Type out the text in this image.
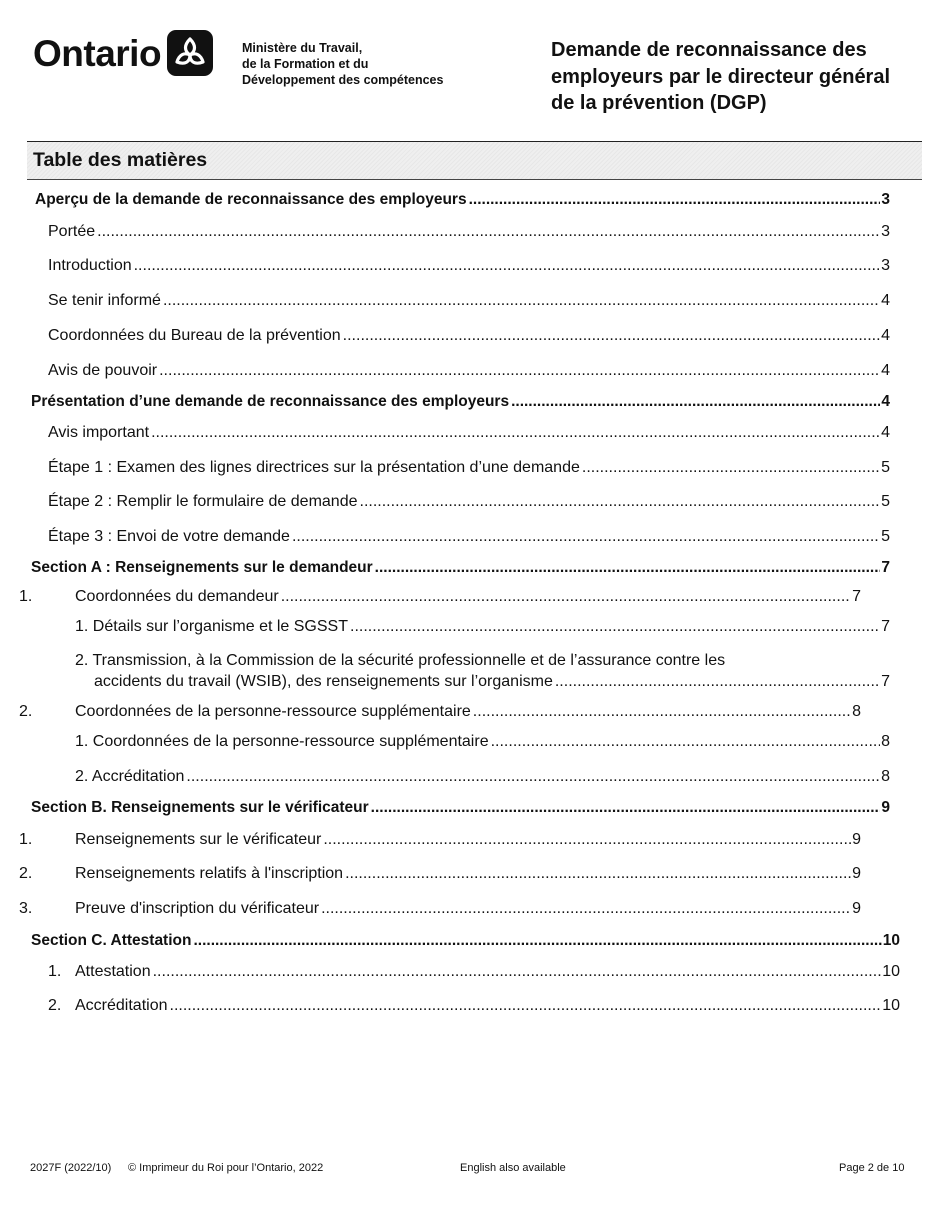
Ontario	Ministère du Travail,
de la Formation et du
Développement des compétences
Demande de reconnaissance des
employeurs par le directeur général
de la prévention (DGP)
Table des matières
Aperçu de la demande de reconnaissance des employeurs .....	3
Portée .....	3
Introduction .....	3
Se tenir informé .....	4
Coordonnées du Bureau de la prévention .....	4
Avis de pouvoir .....	4
Présentation d’une demande de reconnaissance des employeurs .....	4
Avis important .....	4
Étape 1 : Examen des lignes directrices sur la présentation d’une demande .....	5
Étape 2 : Remplir le formulaire de demande .....	5
Étape 3 : Envoi de votre demande .....	5
Section A : Renseignements sur le demandeur .....	7
1.	Coordonnées du demandeur .....	7
1. Détails sur l’organisme et le SGSST .....	7
2. Transmission, à la Commission de la sécurité professionnelle et de l’assurance contre les
accidents du travail (WSIB), des renseignements sur l’organisme .....	7
2.	Coordonnées de la personne-ressource supplémentaire .....	8
1. Coordonnées de la personne-ressource supplémentaire .....	8
2. Accréditation .....	8
Section B. Renseignements sur le vérificateur .....	9
1.	Renseignements sur le vérificateur .....	9
2.	Renseignements relatifs à l'inscription .....	9
3.	Preuve d'inscription du vérificateur .....	9
Section C. Attestation .....	10
1. Attestation .....	10
2. Accréditation .....	10
2027F (2022/10) © Imprimeur du Roi pour l’Ontario, 2022	English also available	Page 2 de 10
